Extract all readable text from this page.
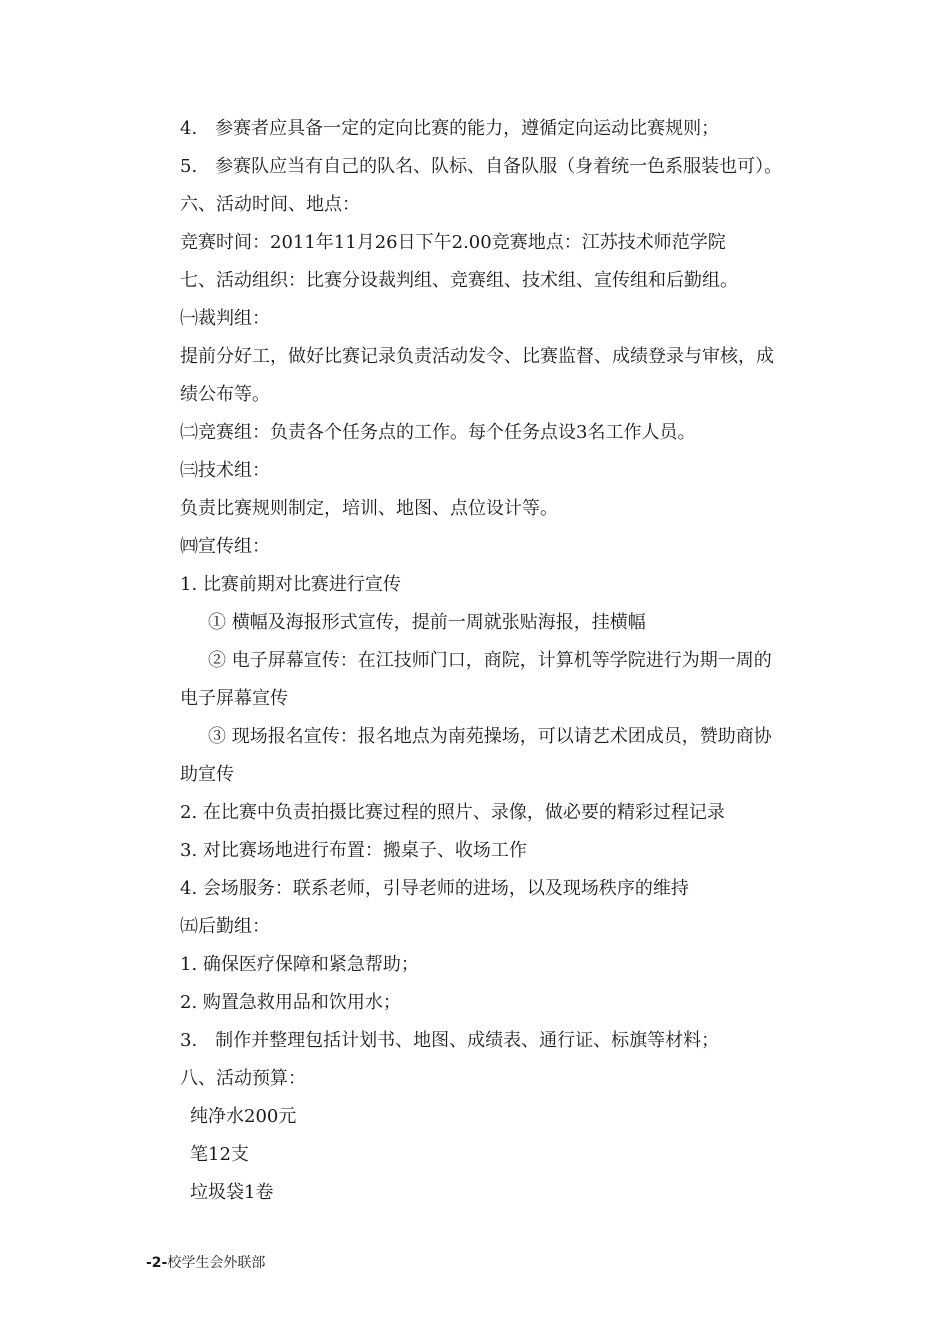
4.　参赛者应具备一定的定向比赛的能力，遵循定向运动比赛规则；
5.　参赛队应当有自己的队名、队标、自备队服（身着统一色系服装也可）。
六、活动时间、地点：
竞赛时间：2011年11月26日下午2.00竞赛地点：江苏技术师范学院
七、活动组织：比赛分设裁判组、竞赛组、技术组、宣传组和后勤组。
㈠裁判组：
提前分好工，做好比赛记录负责活动发令、比赛监督、成绩登录与审核，成
绩公布等。
㈡竞赛组：负责各个任务点的工作。每个任务点设3名工作人员。
㈢技术组：
负责比赛规则制定，培训、地图、点位设计等。
㈣宣传组：
1. 比赛前期对比赛进行宣传
① 横幅及海报形式宣传，提前一周就张贴海报，挂横幅
② 电子屏幕宣传：在江技师门口，商院，计算机等学院进行为期一周的
电子屏幕宣传
③ 现场报名宣传：报名地点为南苑操场，可以请艺术团成员，赞助商协
助宣传
2. 在比赛中负责拍摄比赛过程的照片、录像，做必要的精彩过程记录
3. 对比赛场地进行布置：搬桌子、收场工作
4. 会场服务：联系老师，引导老师的进场，以及现场秩序的维持
㈤后勤组：
1. 确保医疗保障和紧急帮助；
2. 购置急救用品和饮用水；
3.　制作并整理包括计划书、地图、成绩表、通行证、标旗等材料；
八、活动预算：
纯净水200元
笔12支
垃圾袋1卷
-2-校学生会外联部
